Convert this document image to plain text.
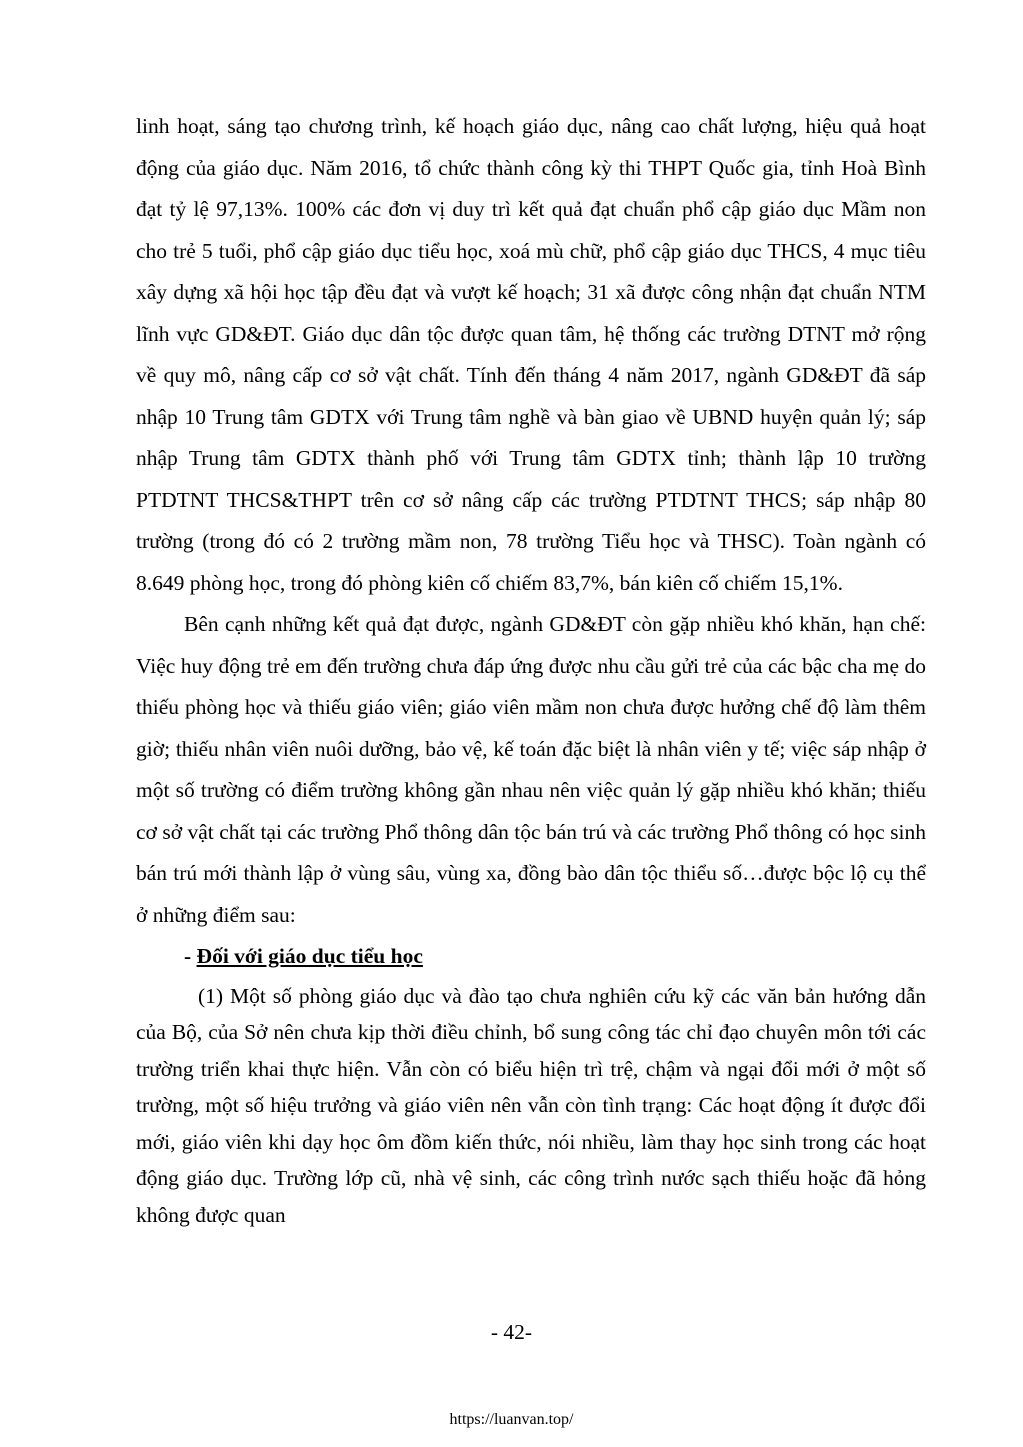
linh hoạt, sáng tạo chương trình, kế hoạch giáo dục, nâng cao chất lượng, hiệu quả hoạt động của giáo dục. Năm 2016, tổ chức thành công kỳ thi THPT Quốc gia, tỉnh Hoà Bình đạt tỷ lệ 97,13%. 100% các đơn vị duy trì kết quả đạt chuẩn phổ cập giáo dục Mầm non cho trẻ 5 tuổi, phổ cập giáo dục tiểu học, xoá mù chữ, phổ cập giáo dục THCS, 4 mục tiêu xây dựng xã hội học tập đều đạt và vượt kế hoạch; 31 xã được công nhận đạt chuẩn NTM lĩnh vực GD&ĐT. Giáo dục dân tộc được quan tâm, hệ thống các trường DTNT mở rộng về quy mô, nâng cấp cơ sở vật chất. Tính đến tháng 4 năm 2017, ngành GD&ĐT đã sáp nhập 10 Trung tâm GDTX với Trung tâm nghề và bàn giao về UBND huyện quản lý; sáp nhập Trung tâm GDTX thành phố với Trung tâm GDTX tỉnh; thành lập 10 trường PTDTNT THCS&THPT trên cơ sở nâng cấp các trường PTDTNT THCS; sáp nhập 80 trường (trong đó có 2 trường mầm non, 78 trường Tiểu học và THSC). Toàn ngành có 8.649 phòng học, trong đó phòng kiên cố chiếm 83,7%, bán kiên cố chiếm 15,1%.

Bên cạnh những kết quả đạt được, ngành GD&ĐT còn gặp nhiều khó khăn, hạn chế: Việc huy động trẻ em đến trường chưa đáp ứng được nhu cầu gửi trẻ của các bậc cha mẹ do thiếu phòng học và thiếu giáo viên; giáo viên mầm non chưa được hưởng chế độ làm thêm giờ; thiếu nhân viên nuôi dưỡng, bảo vệ, kế toán đặc biệt là nhân viên y tế; việc sáp nhập ở một số trường có điểm trường không gần nhau nên việc quản lý gặp nhiều khó khăn; thiếu cơ sở vật chất tại các trường Phổ thông dân tộc bán trú và các trường Phổ thông có học sinh bán trú mới thành lập ở vùng sâu, vùng xa, đồng bào dân tộc thiểu số…được bộc lộ cụ thể ở những điểm sau:

- Đối với giáo dục tiểu học

(1) Một số phòng giáo dục và đào tạo chưa nghiên cứu kỹ các văn bản hướng dẫn của Bộ, của Sở nên chưa kịp thời điều chỉnh, bổ sung công tác chỉ đạo chuyên môn tới các trường triển khai thực hiện. Vẫn còn có biểu hiện trì trệ, chậm và ngại đổi mới ở một số trường, một số hiệu trưởng và giáo viên nên vẫn còn tình trạng: Các hoạt động ít được đổi mới, giáo viên khi dạy học ôm đồm kiến thức, nói nhiều, làm thay học sinh trong các hoạt động giáo dục. Trường lớp cũ, nhà vệ sinh, các công trình nước sạch thiếu hoặc đã hỏng không được quan

- 42-
https://luanvan.top/
